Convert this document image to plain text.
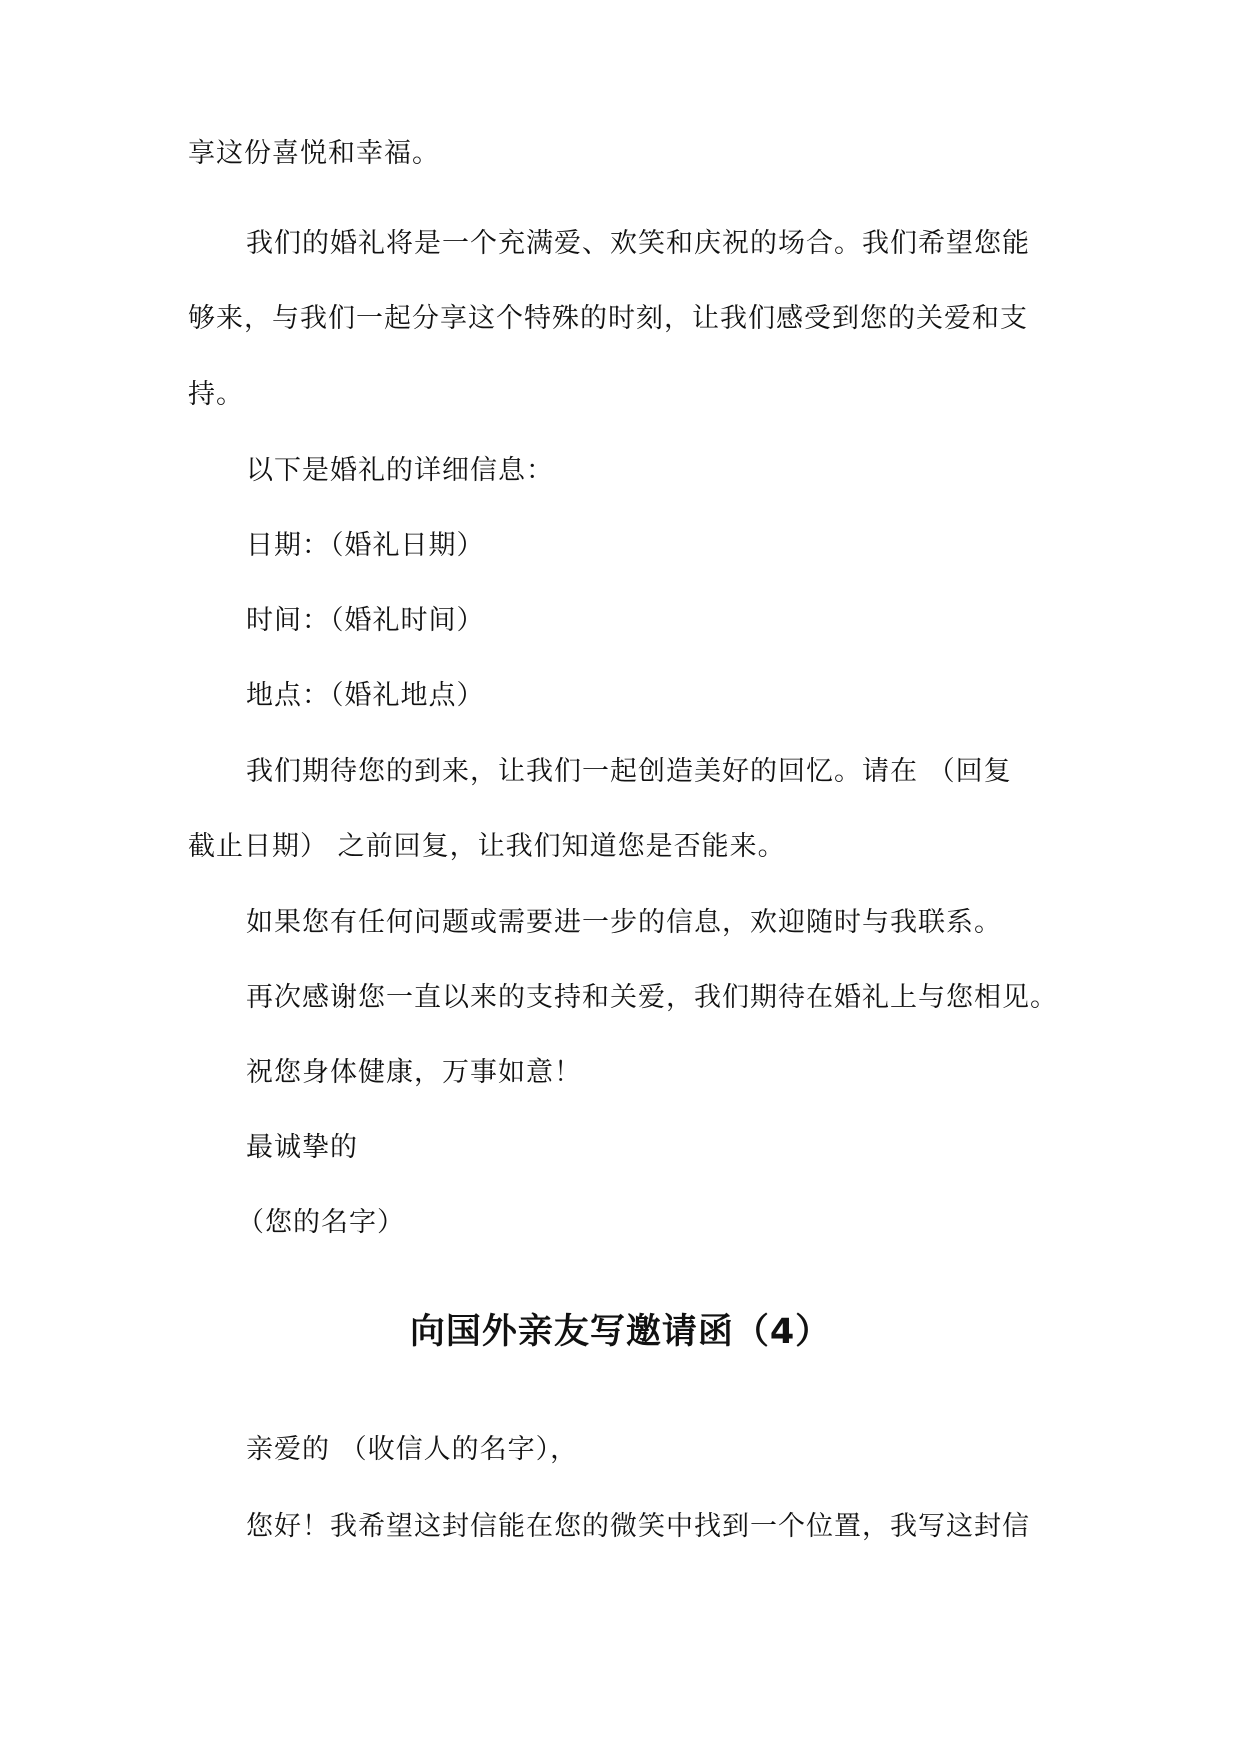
享这份喜悦和幸福。
我们的婚礼将是一个充满爱、欢笑和庆祝的场合。我们希望您能
够来，与我们一起分享这个特殊的时刻，让我们感受到您的关爱和支
持。
以下是婚礼的详细信息：
日期：（婚礼日期）
时间：（婚礼时间）
地点：（婚礼地点）
我们期待您的到来，让我们一起创造美好的回忆。请在 （回复
截止日期） 之前回复，让我们知道您是否能来。
如果您有任何问题或需要进一步的信息，欢迎随时与我联系。
再次感谢您一直以来的支持和关爱，我们期待在婚礼上与您相见。
祝您身体健康，万事如意！
最诚挚的
（您的名字）
向国外亲友写邀请函（4）
亲爱的 （收信人的名字），
您好！我希望这封信能在您的微笑中找到一个位置，我写这封信
